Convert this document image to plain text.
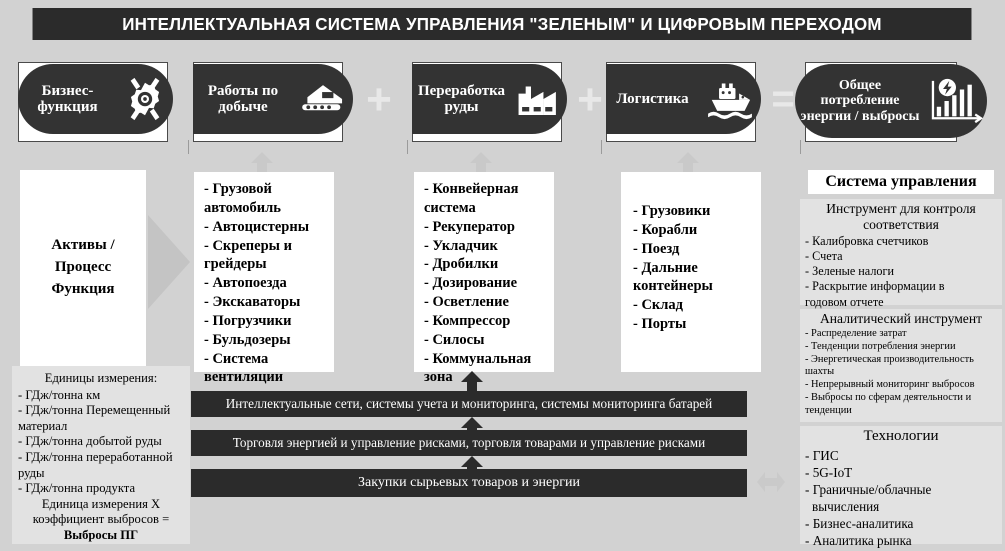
ИНТЕЛЛЕКТУАЛЬНАЯ СИСТЕМА УПРАВЛЕНИЯ "ЗЕЛЕНЫМ" И ЦИФРОВЫМ ПЕРЕХОДОМ
Бизнес-
функция
Работы по
добыче	+	Переработка
руды	+ Логистика =	Общее
потребление
энергии / выбросы
Активы /
Процесс
Функция
- Грузовой
автомобиль
- Автоцистерны
- Скреперы и
грейдеры
- Автопоезда
- Экскаваторы
- Погрузчики
- Бульдозеры
- Система
вентиляции
- Конвейерная
система
- Рекуператор
- Укладчик
- Дробилки
- Дозирование
- Осветление
- Компрессор
- Силосы
- Коммунальная
зона
- Грузовики
- Корабли
- Поезд
- Дальние
контейнеры
- Склад
- Порты
Единицы измерения:
- ГДж/тонна км
- ГДж/тонна Перемещенный
материал
- ГДж/тонна добытой руды
- ГДж/тонна переработанной
руды
- ГДж/тонна продукта
Единица измерения X
коэффициент выбросов =
Выбросы ПГ
Интеллектуальные сети, системы учета и мониторинга, системы мониторинга батарей
Торговля энергией и управление рисками, торговля товарами и управление рисками
Закупки сырьевых товаров и энергии
Система управления
Инструмент для контроля соответствия
- Калибровка счетчиков
- Счета
- Зеленые налоги
- Раскрытие информации в
годовом отчете
Аналитический инструмент
- Распределение затрат
- Тенденции потребления энергии
- Энергетическая производительность
шахты
- Непрерывный мониторинг выбросов
- Выбросы по сферам деятельности и
тенденции
Технологии
- ГИС
- 5G-IoT
- Граничные/облачные вычисления
- Бизнес-аналитика
- Аналитика рынка
